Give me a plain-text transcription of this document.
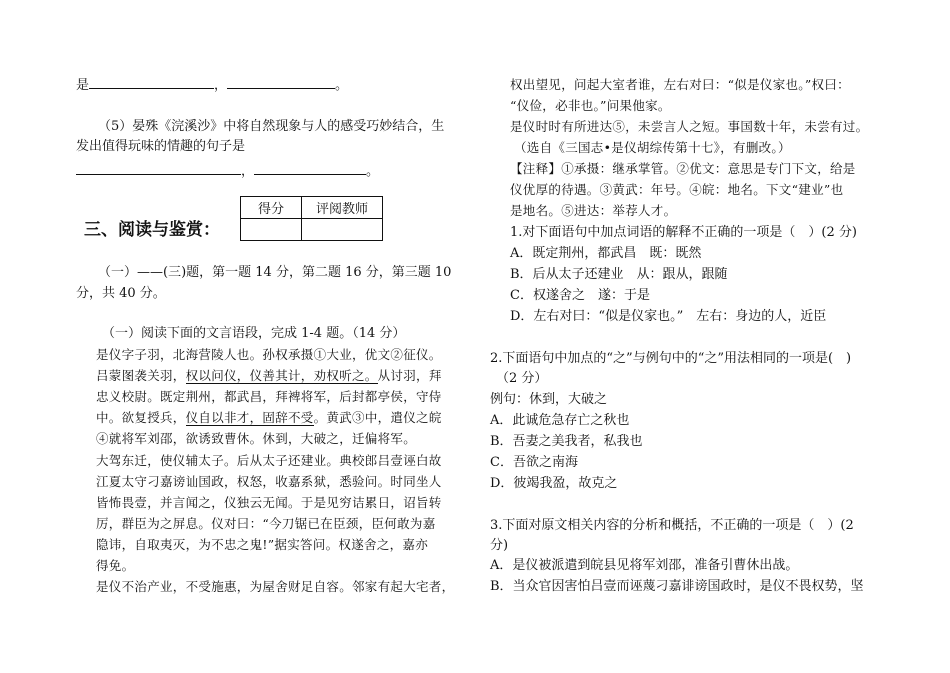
是	，	。
（5）晏殊《浣溪沙》中将自然现象与人的感受巧妙结合，生
发出值得玩味的情趣的句子是
，	。
三、阅读与鉴赏：
（一）——(三)题，第一题 14 分，第二题 16 分，第三题 10
分，共 40 分。
（一）阅读下面的文言语段，完成 1-4 题。（14 分）
是仪字子羽，北海营陵人也。孙权承摄①大业，优文②征仪。
吕蒙图袭关羽，权以问仪，仪善其计，劝权听之。从讨羽，拜
忠义校尉。既定荆州，都武昌，拜裨将军，后封都亭侯，守侍
中。欲复授兵，仪自以非才，固辞不受。黄武③中，遣仪之皖
④就将军刘邵，欲诱致曹休。休到，大破之，迁偏将军。
大驾东迁，使仪辅太子。后从太子还建业。典校郎吕壹诬白故
江夏太守刁嘉谤讪国政，权怒，收嘉系狱，悉验问。时同坐人
皆怖畏壹，并言闻之，仪独云无闻。于是见穷诘累日，诏旨转
厉，群臣为之屏息。仪对曰：“今刀锯已在臣颈，臣何敢为嘉
隐讳，自取夷灭，为不忠之鬼!”据实答问。权遂舍之，嘉亦
得免。
是仪不治产业，不受施惠，为屋舍财足自容。邻家有起大宅者，
得分	评阅教师

权出望见，问起大室者谁，左右对曰：“似是仪家也。”权曰：
“仪俭，必非也。”问果他家。
是仪时时有所进达⑤，未尝言人之短。事国数十年，未尝有过。
（选自《三国志•是仪胡综传第十七》，有删改。）
【注释】①承摄：继承掌管。②优文：意思是专门下文，给是
仪优厚的待遇。③黄武：年号。④皖：地名。下文“建业”也
是地名。⑤进达：举荐人才。
1.对下面语句中加点词语的解释不正确的一项是（　）(2 分)
A．既定荆州，都武昌　既：既然
B．后从太子还建业　从：跟从，跟随
C．权遂舍之　遂：于是
D．左右对曰：“似是仪家也。”　左右：身边的人，近臣
2.下面语句中加点的“之”与例句中的“之”用法相同的一项是(　)
（2 分）
例句：休到，大破之
A．此诚危急存亡之秋也
B．吾妻之美我者，私我也
C．吾欲之南海
D．彼竭我盈，故克之
3.下面对原文相关内容的分析和概括，不正确的一项是（　）(2
分)
A．是仪被派遣到皖县见将军刘邵，准备引曹休出战。
B．当众官因害怕吕壹而诬蔑刁嘉诽谤国政时，是仪不畏权势，坚
